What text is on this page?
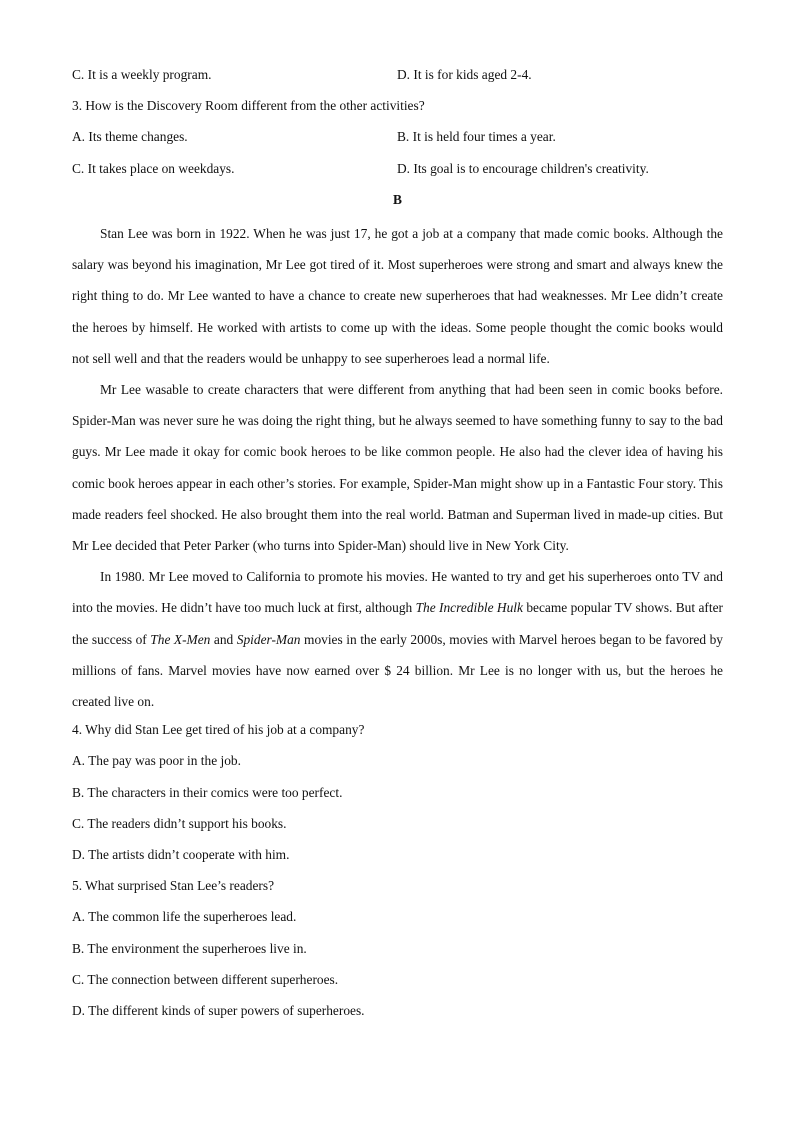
C. It is a weekly program.	D. It is for kids aged 2-4.
3. How is the Discovery Room different from the other activities?
A. Its theme changes.	B. It is held four times a year.
C. It takes place on weekdays.	D. Its goal is to encourage children's creativity.
B

Stan Lee was born in 1922. When he was just 17, he got a job at a company that made comic books. Although the salary was beyond his imagination, Mr Lee got tired of it. Most superheroes were strong and smart and always knew the right thing to do. Mr Lee wanted to have a chance to create new superheroes that had weaknesses. Mr Lee didn’t create the heroes by himself. He worked with artists to come up with the ideas. Some people thought the comic books would not sell well and that the readers would be unhappy to see superheroes lead a normal life.

Mr Lee wasable to create characters that were different from anything that had been seen in comic books before. Spider-Man was never sure he was doing the right thing, but he always seemed to have something funny to say to the bad guys. Mr Lee made it okay for comic book heroes to be like common people. He also had the clever idea of having his comic book heroes appear in each other’s stories. For example, Spider-Man might show up in a Fantastic Four story. This made readers feel shocked. He also brought them into the real world. Batman and Superman lived in made-up cities. But Mr Lee decided that Peter Parker (who turns into Spider-Man) should live in New York City.

In 1980. Mr Lee moved to California to promote his movies. He wanted to try and get his superheroes onto TV and into the movies. He didn’t have too much luck at first, although The Incredible Hulk became popular TV shows. But after the success of The X-Men and Spider-Man movies in the early 2000s, movies with Marvel heroes began to be favored by millions of fans. Marvel movies have now earned over $ 24 billion. Mr Lee is no longer with us, but the heroes he created live on.

4. Why did Stan Lee get tired of his job at a company?
A. The pay was poor in the job.
B. The characters in their comics were too perfect.
C. The readers didn’t support his books.
D. The artists didn’t cooperate with him.
5. What surprised Stan Lee’s readers?
A. The common life the superheroes lead.
B. The environment the superheroes live in.
C. The connection between different superheroes.
D. The different kinds of super powers of superheroes.
